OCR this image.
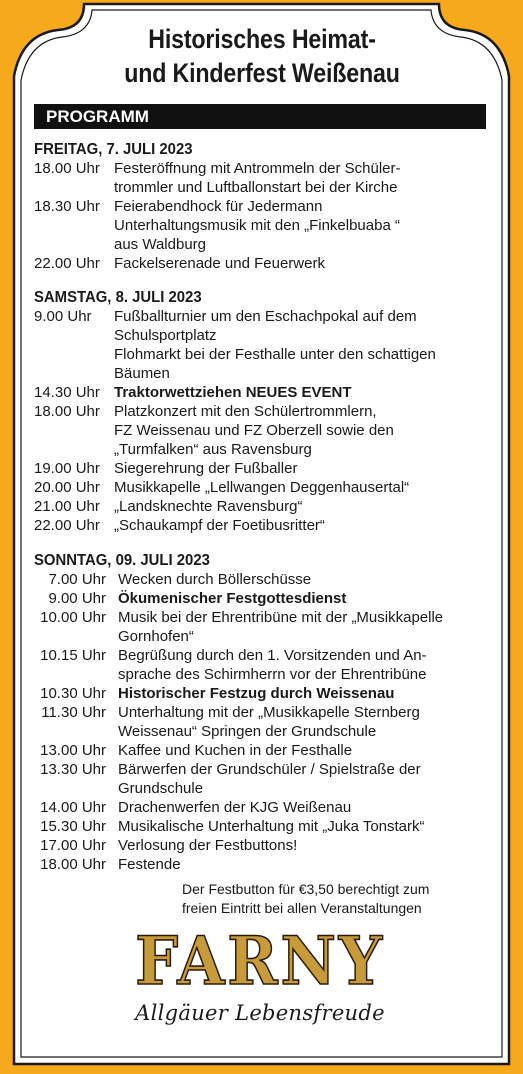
Historisches Heimat-
und Kinderfest Weißenau
PROGRAMM
FREITAG, 7. JULI 2023
18.00 Uhr Festeröffnung mit Antrommeln der Schüler-
trommler und Luftballonstart bei der Kirche
18.30 Uhr Feierabendhock für Jedermann
Unterhaltungsmusik mit den „Finkelbuaba “
aus Waldburg
22.00 Uhr Fackelserenade und Feuerwerk
SAMSTAG, 8. JULI 2023
9.00 Uhr	Fußballturnier um den Eschachpokal auf dem
Schulsportplatz
Flohmarkt bei der Festhalle unter den schattigen
Bäumen
14.30 Uhr Traktorwettziehen NEUES EVENT
18.00 Uhr Platzkonzert mit den Schülertrommlern,
FZ Weissenau und FZ Oberzell sowie den
„Turmfalken“ aus Ravensburg
19.00 Uhr Siegerehrung der Fußballer
20.00 Uhr Musikkapelle „Lellwangen Deggenhausertal“
21.00 Uhr „Landsknechte Ravensburg“
22.00 Uhr „Schaukampf der Foetibusritter“
SONNTAG, 09. JULI 2023
7.00 Uhr Wecken durch Böllerschüsse
9.00 Uhr Ökumenischer Festgottesdienst
10.00 Uhr Musik bei der Ehrentribüne mit der „Musikkapelle
Gornhofen“
10.15 Uhr Begrüßung durch den 1. Vorsitzenden und An-
sprache des Schirmherrn vor der Ehrentribüne
10.30 Uhr Historischer Festzug durch Weissenau
11.30 Uhr Unterhaltung mit der „Musikkapelle Sternberg
Weissenau“ Springen der Grundschule
13.00 Uhr Kaffee und Kuchen in der Festhalle
13.30 Uhr Bärwerfen der Grundschüler / Spielstraße der
Grundschule
14.00 Uhr Drachenwerfen der KJG Weißenau
15.30 Uhr Musikalische Unterhaltung mit „Juka Tonstark“
17.00 Uhr Verlosung der Festbuttons!
18.00 Uhr Festende
Der Festbutton für €3,50 berechtigt zum
freien Eintritt bei allen Veranstaltungen
FARNY
Allgäuer Lebensfreude
